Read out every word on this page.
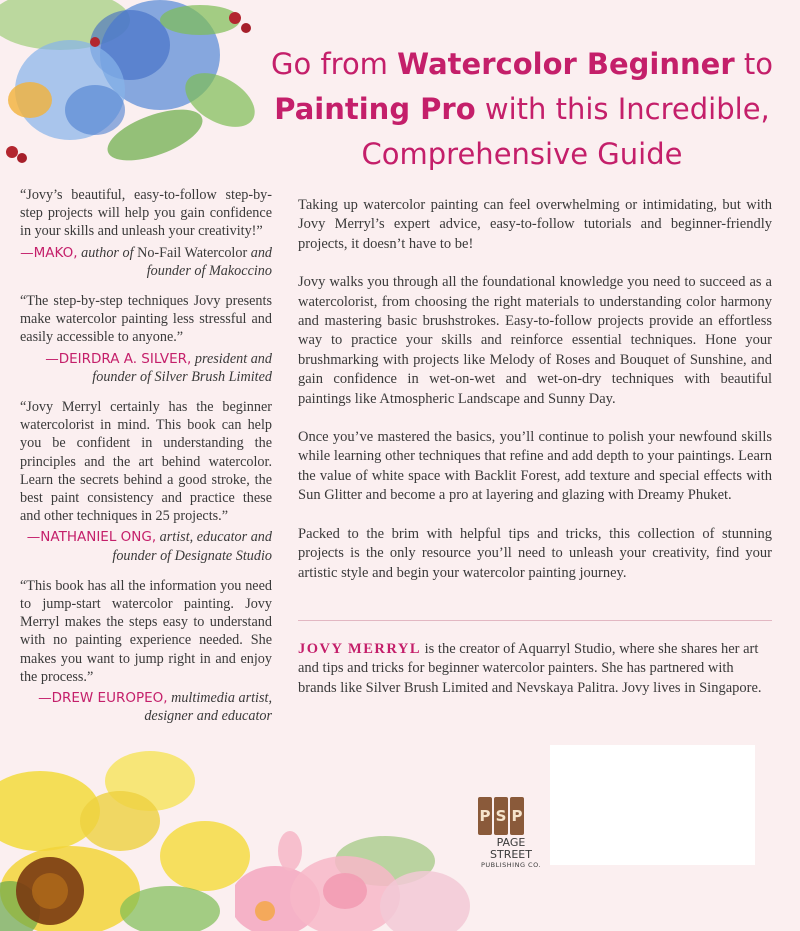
Go from Watercolor Beginner to
Painting Pro with this Incredible,
Comprehensive Guide

“Jovy’s beautiful, easy-to-follow step-by-step projects will help you gain confidence in your skills and unleash your creativity!”

—MAKO, author of No-Fail Watercolor and founder of Makoccino

“The step-by-step techniques Jovy presents make watercolor painting less stressful and easily accessible to anyone.”

—DEIRDRA A. SILVER, president and founder of Silver Brush Limited

“Jovy Merryl certainly has the beginner watercolorist in mind. This book can help you be confident in understanding the principles and the art behind watercolor. Learn the secrets behind a good stroke, the best paint consistency and practice these and other techniques in 25 projects.”

—NATHANIEL ONG, artist, educator and founder of Designate Studio

“This book has all the information you need to jump-start watercolor painting. Jovy Merryl makes the steps easy to understand with no painting experience needed. She makes you want to jump right in and enjoy the process.”

—DREW EUROPEO, multimedia artist, designer and educator

Taking up watercolor painting can feel overwhelming or intimidating, but with Jovy Merryl’s expert advice, easy-to-follow tutorials and beginner-friendly projects, it doesn’t have to be!

Jovy walks you through all the foundational knowledge you need to succeed as a watercolorist, from choosing the right materials to understanding color harmony and mastering basic brushstrokes. Easy-to-follow projects provide an effortless way to practice your skills and reinforce essential techniques. Hone your brushmarking with projects like Melody of Roses and Bouquet of Sunshine, and gain confidence in wet-on-wet and wet-on-dry techniques with beautiful paintings like Atmospheric Landscape and Sunny Day.

Once you’ve mastered the basics, you’ll continue to polish your newfound skills while learning other techniques that refine and add depth to your paintings. Learn the value of white space with Backlit Forest, add texture and special effects with Sun Glitter and become a pro at layering and glazing with Dreamy Phuket.

Packed to the brim with helpful tips and tricks, this collection of stunning projects is the only resource you’ll need to unleash your creativity, find your artistic style and begin your watercolor painting journey.

JOVY MERRYL is the creator of Aquarryl Studio, where she shares her art and tips and tricks for beginner watercolor painters. She has partnered with brands like Silver Brush Limited and Nevskaya Palitra. Jovy lives in Singapore.

P S P
PAGE STREET
PUBLISHING CO.
